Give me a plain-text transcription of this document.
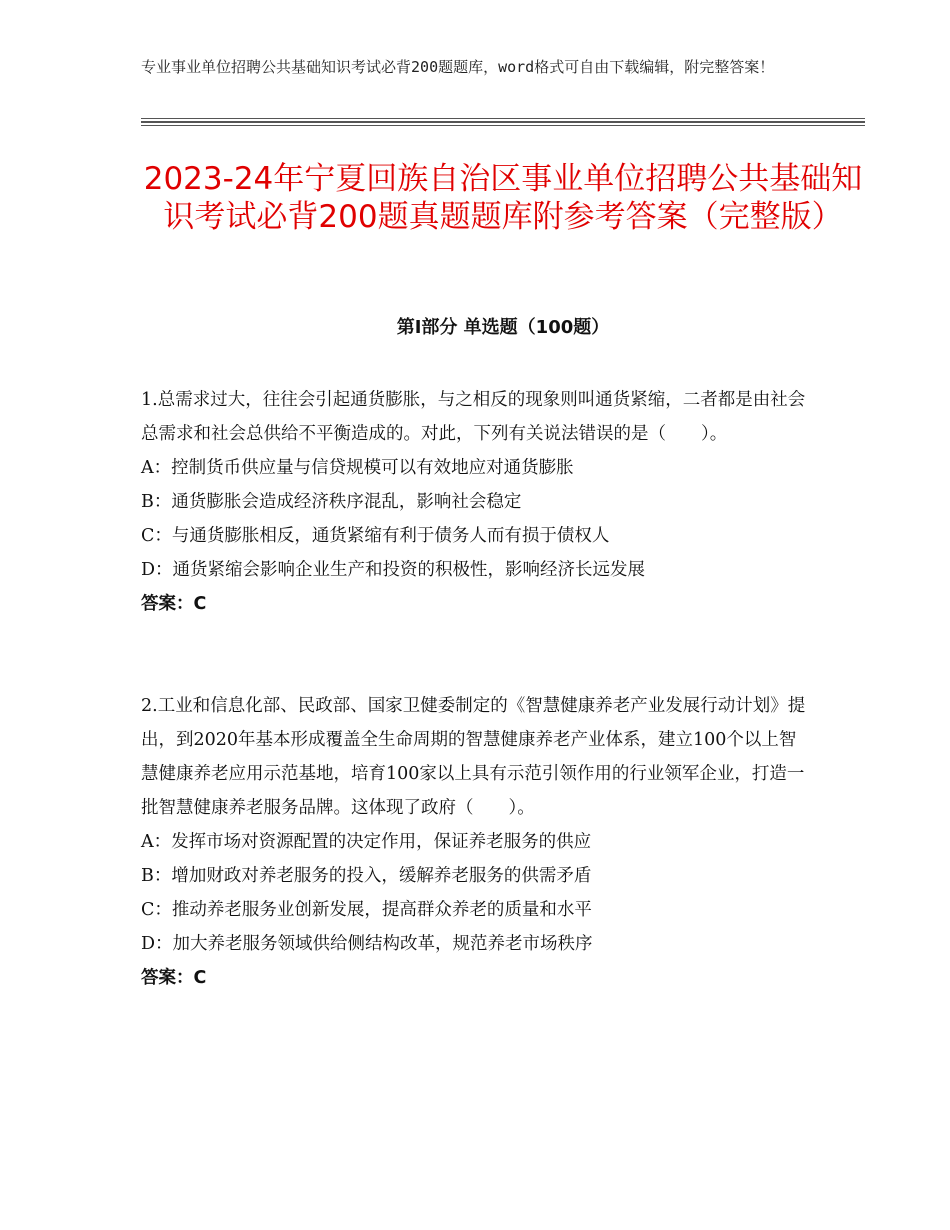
专业事业单位招聘公共基础知识考试必背200题题库，word格式可自由下载编辑，附完整答案！
2023-24年宁夏回族自治区事业单位招聘公共基础知识考试必背200题真题题库附参考答案（完整版）
第Ⅰ部分 单选题（100题）

1.总需求过大，往往会引起通货膨胀，与之相反的现象则叫通货紧缩，二者都是由社会总需求和社会总供给不平衡造成的。对此，下列有关说法错误的是（　　）。

A：控制货币供应量与信贷规模可以有效地应对通货膨胀

B：通货膨胀会造成经济秩序混乱，影响社会稳定

C：与通货膨胀相反，通货紧缩有利于债务人而有损于债权人

D：通货紧缩会影响企业生产和投资的积极性，影响经济长远发展

答案：C

2.工业和信息化部、民政部、国家卫健委制定的《智慧健康养老产业发展行动计划》提出，到2020年基本形成覆盖全生命周期的智慧健康养老产业体系，建立100个以上智慧健康养老应用示范基地，培育100家以上具有示范引领作用的行业领军企业，打造一批智慧健康养老服务品牌。这体现了政府（　　）。

A：发挥市场对资源配置的决定作用，保证养老服务的供应

B：增加财政对养老服务的投入，缓解养老服务的供需矛盾

C：推动养老服务业创新发展，提高群众养老的质量和水平

D：加大养老服务领域供给侧结构改革，规范养老市场秩序

答案：C
